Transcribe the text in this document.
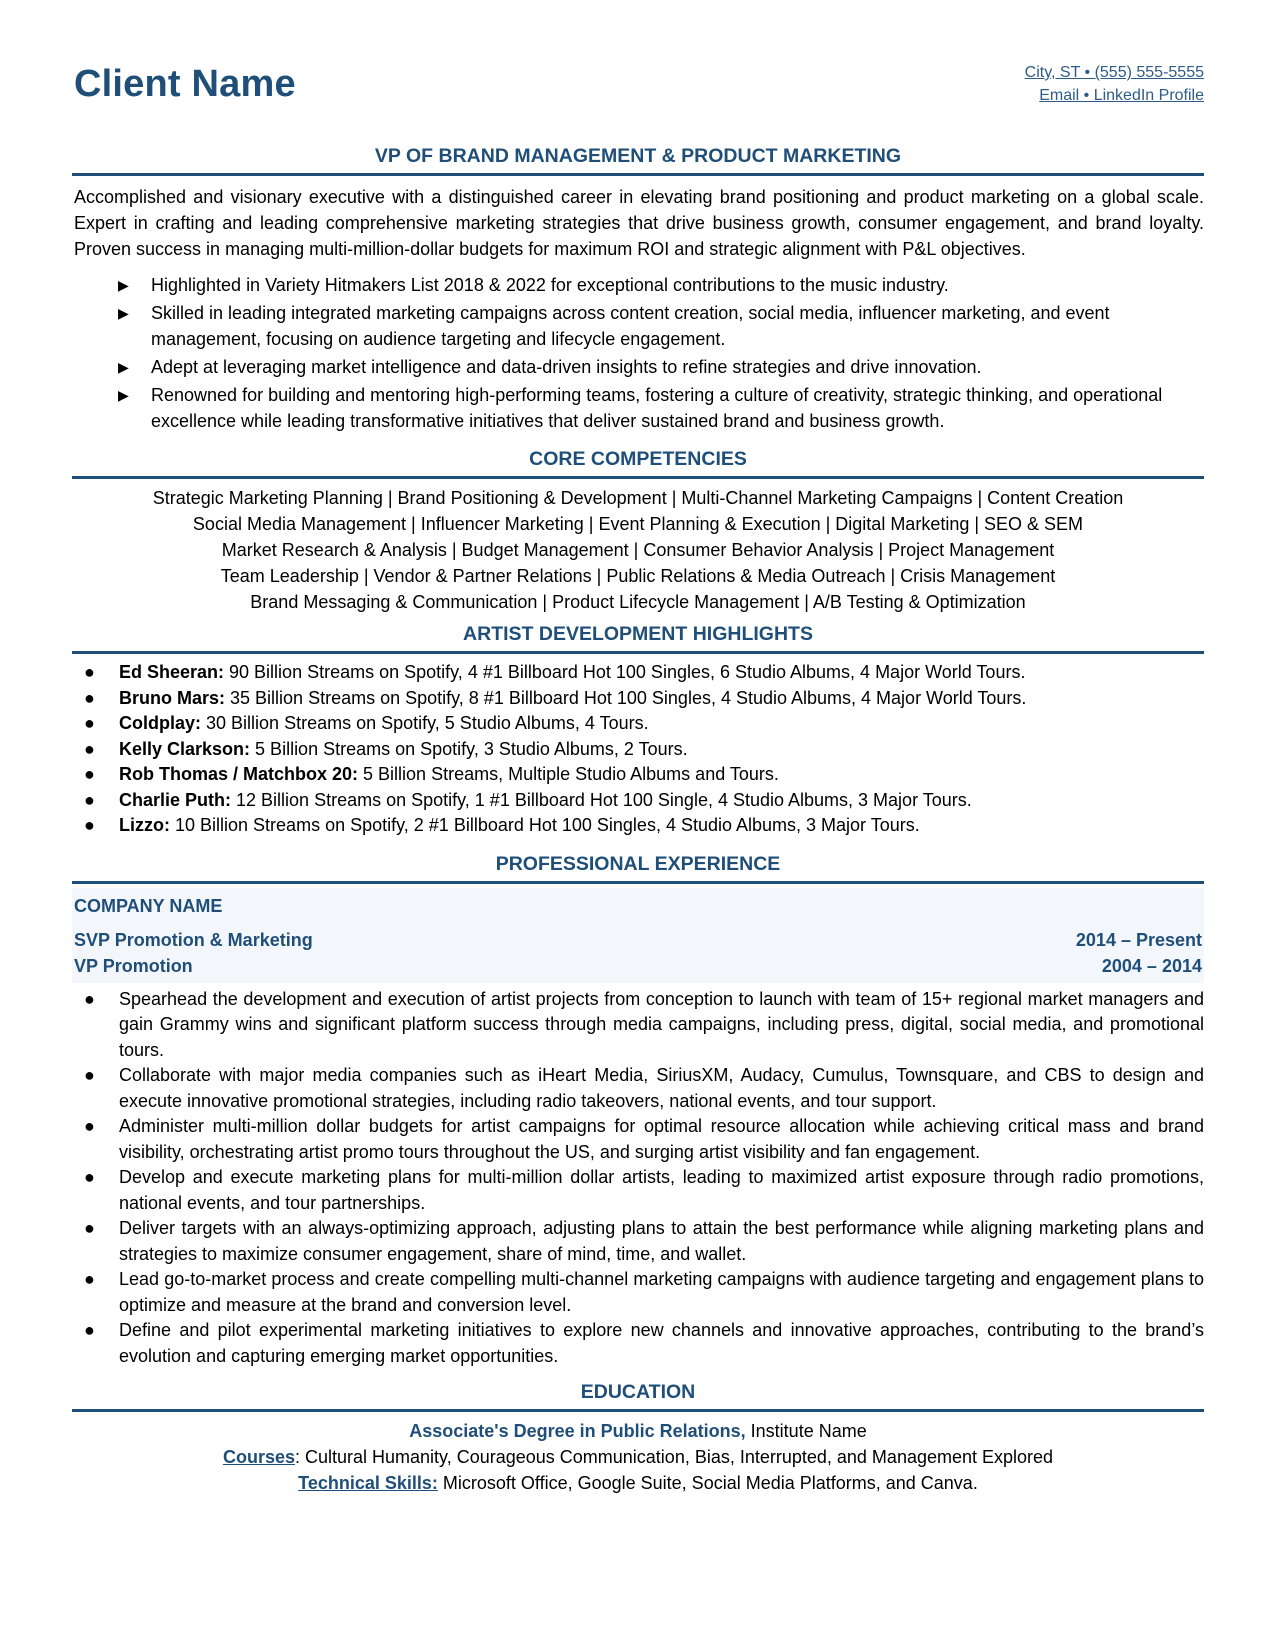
Client Name	City, ST • (555) 555-5555
Email • LinkedIn Profile
VP OF BRAND MANAGEMENT & PRODUCT MARKETING

Accomplished and visionary executive with a distinguished career in elevating brand positioning and product marketing on a global scale. Expert in crafting and leading comprehensive marketing strategies that drive business growth, consumer engagement, and brand loyalty. Proven success in managing multi-million-dollar budgets for maximum ROI and strategic alignment with P&L objectives.

▶ Highlighted in Variety Hitmakers List 2018 & 2022 for exceptional contributions to the music industry.
▶ Skilled in leading integrated marketing campaigns across content creation, social media, influencer marketing, and event management, focusing on audience targeting and lifecycle engagement.
▶ Adept at leveraging market intelligence and data-driven insights to refine strategies and drive innovation.
▶ Renowned for building and mentoring high-performing teams, fostering a culture of creativity, strategic thinking, and operational excellence while leading transformative initiatives that deliver sustained brand and business growth.
CORE COMPETENCIES
Strategic Marketing Planning | Brand Positioning & Development | Multi-Channel Marketing Campaigns | Content Creation
Social Media Management | Influencer Marketing | Event Planning & Execution | Digital Marketing | SEO & SEM
Market Research & Analysis | Budget Management | Consumer Behavior Analysis | Project Management
Team Leadership | Vendor & Partner Relations | Public Relations & Media Outreach | Crisis Management
Brand Messaging & Communication | Product Lifecycle Management | A/B Testing & Optimization
ARTIST DEVELOPMENT HIGHLIGHTS
● Ed Sheeran: 90 Billion Streams on Spotify, 4 #1 Billboard Hot 100 Singles, 6 Studio Albums, 4 Major World Tours.
● Bruno Mars: 35 Billion Streams on Spotify, 8 #1 Billboard Hot 100 Singles, 4 Studio Albums, 4 Major World Tours.
● Coldplay: 30 Billion Streams on Spotify, 5 Studio Albums, 4 Tours.
● Kelly Clarkson: 5 Billion Streams on Spotify, 3 Studio Albums, 2 Tours.
● Rob Thomas / Matchbox 20: 5 Billion Streams, Multiple Studio Albums and Tours.
● Charlie Puth: 12 Billion Streams on Spotify, 1 #1 Billboard Hot 100 Single, 4 Studio Albums, 3 Major Tours.
● Lizzo: 10 Billion Streams on Spotify, 2 #1 Billboard Hot 100 Singles, 4 Studio Albums, 3 Major Tours.
PROFESSIONAL EXPERIENCE

COMPANY NAME

SVP Promotion & Marketing	2014 – Present
VP Promotion	2004 – 2014
● Spearhead the development and execution of artist projects from conception to launch with team of 15+ regional market managers and gain Grammy wins and significant platform success through media campaigns, including press, digital, social media, and promotional tours.
● Collaborate with major media companies such as iHeart Media, SiriusXM, Audacy, Cumulus, Townsquare, and CBS to design and execute innovative promotional strategies, including radio takeovers, national events, and tour support.
● Administer multi-million dollar budgets for artist campaigns for optimal resource allocation while achieving critical mass and brand visibility, orchestrating artist promo tours throughout the US, and surging artist visibility and fan engagement.
● Develop and execute marketing plans for multi-million dollar artists, leading to maximized artist exposure through radio promotions, national events, and tour partnerships.
● Deliver targets with an always-optimizing approach, adjusting plans to attain the best performance while aligning marketing plans and strategies to maximize consumer engagement, share of mind, time, and wallet.
● Lead go-to-market process and create compelling multi-channel marketing campaigns with audience targeting and engagement plans to optimize and measure at the brand and conversion level.
● Define and pilot experimental marketing initiatives to explore new channels and innovative approaches, contributing to the brand’s evolution and capturing emerging market opportunities.
EDUCATION
Associate's Degree in Public Relations, Institute Name
Courses: Cultural Humanity, Courageous Communication, Bias, Interrupted, and Management Explored
Technical Skills: Microsoft Office, Google Suite, Social Media Platforms, and Canva.
